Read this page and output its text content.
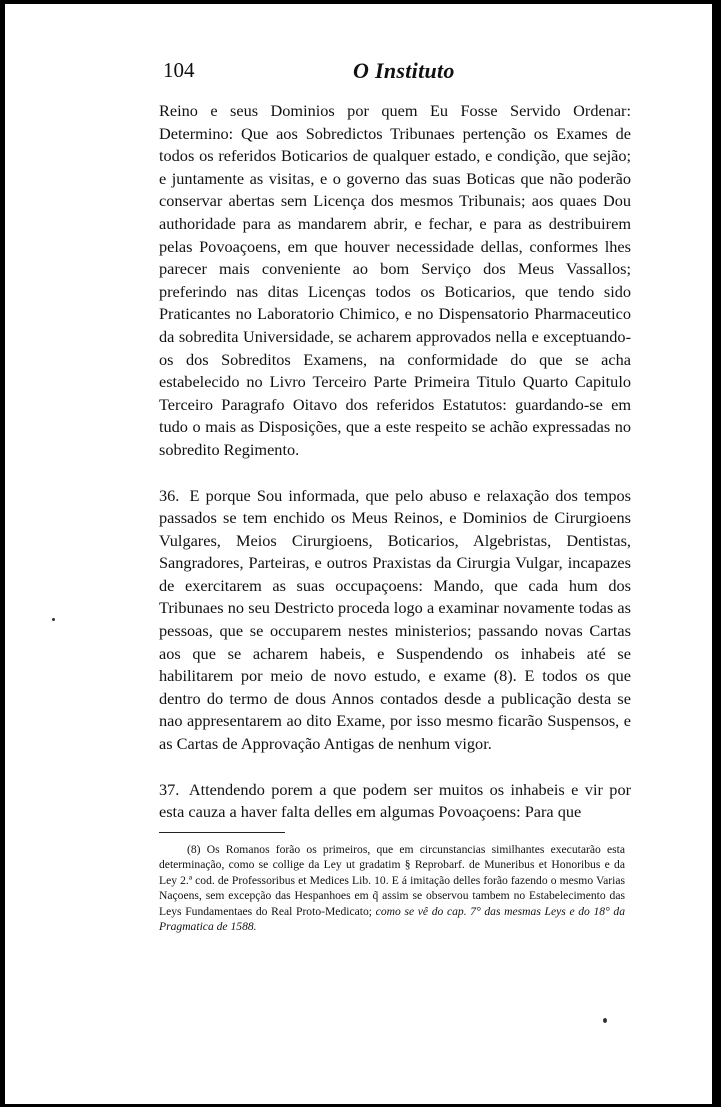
104	O Instituto

Reino e seus Dominios por quem Eu Fosse Servido Ordenar: Determino: Que aos Sobredictos Tribunaes pertenção os Exames de todos os referidos Boticarios de qualquer estado, e condição, que sejão; e juntamente as visitas, e o governo das suas Boticas que não poderão conservar abertas sem Licença dos mesmos Tribunais; aos quaes Dou authoridade para as mandarem abrir, e fechar, e para as destribuirem pelas Povoaçoens, em que houver necessidade dellas, conformes lhes parecer mais conveniente ao bom Serviço dos Meus Vassallos; preferindo nas ditas Licenças todos os Boticarios, que tendo sido Praticantes no Laboratorio Chimico, e no Dispensatorio Pharmaceutico da sobredita Universidade, se acharem approvados nella e exceptuando-os dos Sobreditos Examens, na conformidade do que se acha estabelecido no Livro Terceiro Parte Primeira Titulo Quarto Capitulo Terceiro Paragrafo Oitavo dos referidos Estatutos: guardando-se em tudo o mais as Disposições, que a este respeito se achão expressadas no sobredito Regimento.

36. E porque Sou informada, que pelo abuso e relaxação dos tempos passados se tem enchido os Meus Reinos, e Dominios de Cirurgioens Vulgares, Meios Cirurgioens, Boticarios, Algebristas, Dentistas, Sangradores, Parteiras, e outros Praxistas da Cirurgia Vulgar, incapazes de exercitarem as suas occupaçoens: Mando, que cada hum dos Tribunaes no seu Destricto proceda logo a examinar novamente todas as pessoas, que se occuparem nestes ministerios; passando novas Cartas aos que se acharem habeis, e Suspendendo os inhabeis até se habilitarem por meio de novo estudo, e exame (8). E todos os que dentro do termo de dous Annos contados desde a publicação desta se nao appresentarem ao dito Exame, por isso mesmo ficarão Suspensos, e as Cartas de Approvação Antigas de nenhum vigor.

37. Attendendo porem a que podem ser muitos os inhabeis e vir por esta cauza a haver falta delles em algumas Povoaçoens: Para que

(8) Os Romanos forão os primeiros, que em circunstancias similhantes executarão esta determinação, como se collige da Ley ut gradatim § Reprobarf. de Muneribus et Honoribus e da Ley 2.ª cod. de Professoribus et Medices Lib. 10. E á imitação delles forão fazendo o mesmo Varias Naçoens, sem excepção das Hespanhoes em q̃ assim se observou tambem no Estabelecimento das Leys Fundamentaes do Real Proto-Medicato; como se vê do cap. 7° das mesmas Leys e do 18° da Pragmatica de 1588.
